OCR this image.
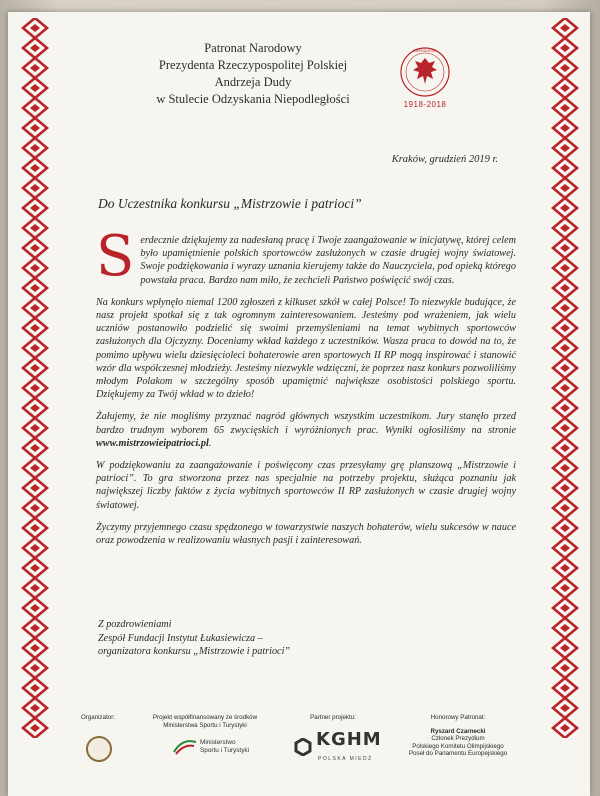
Patronat Narodowy
Prezydenta Rzeczypospolitej Polskiej
Andrzeja Dudy
w Stulecie Odzyskania Niepodległości
NIEPODLEGŁA
1918-2018
Kraków, grudzień 2019 r.
Do Uczestnika konkursu „Mistrzowie i patrioci”

Serdecznie dziękujemy za nadesłaną pracę i Twoje zaangażowanie w inicjatywę, której celem było upamiętnienie polskich sportowców zasłużonych w czasie drugiej wojny światowej. Swoje podziękowania i wyrazy uznania kierujemy także do Nauczyciela, pod opieką którego powstała praca. Bardzo nam miło, że zechcieli Państwo poświęcić swój czas.

Na konkurs wpłynęło niemal 1200 zgłoszeń z kilkuset szkół w całej Polsce! To niezwykle budujące, że nasz projekt spotkał się z tak ogromnym zainteresowaniem. Jesteśmy pod wrażeniem, jak wielu uczniów postanowiło podzielić się swoimi przemyśleniami na temat wybitnych sportowców zasłużonych dla Ojczyzny. Doceniamy wkład każdego z uczestników. Wasza praca to dowód na to, że pomimo upływu wielu dziesięcioleci bohaterowie aren sportowych II RP mogą inspirować i stanowić wzór dla współczesnej młodzieży. Jesteśmy niezwykle wdzięczni, że poprzez nasz konkurs pozwoliliśmy młodym Polakom w szczególny sposób upamiętnić największe osobistości polskiego sportu. Dziękujemy za Twój wkład w to dzieło!

Żałujemy, że nie mogliśmy przyznać nagród głównych wszystkim uczestnikom. Jury stanęło przed bardzo trudnym wyborem 65 zwycięskich i wyróżnionych prac. Wyniki ogłosiliśmy na stronie www.mistrzowieipatrioci.pl.

W podziękowaniu za zaangażowanie i poświęcony czas przesyłamy grę planszową „Mistrzowie i patrioci”. To gra stworzona przez nas specjalnie na potrzeby projektu, służąca poznaniu jak największej liczby faktów z życia wybitnych sportowców II RP zasłużonych w czasie drugiej wojny światowej.

Życzymy przyjemnego czasu spędzonego w towarzystwie naszych bohaterów, wielu sukcesów w nauce oraz powodzenia w realizowaniu własnych pasji i zainteresowań.

Z pozdrowieniami
Zespół Fundacji Instytut Łukasiewicza –
organizatora konkursu „Mistrzowie i patrioci”
Organizator:	Projekt współfinansowany ze środków
Ministerstwa Sportu i Turystyki
Ministerstwo
Sportu i Turystyki
Partner projektu:
KGHM
POLSKA MIEDŹ
Honorowy Patronat:
Ryszard Czarnecki
Członek Prezydium
Polskiego Komitetu Olimpijskiego
Poseł do Parlamentu Europejskiego
